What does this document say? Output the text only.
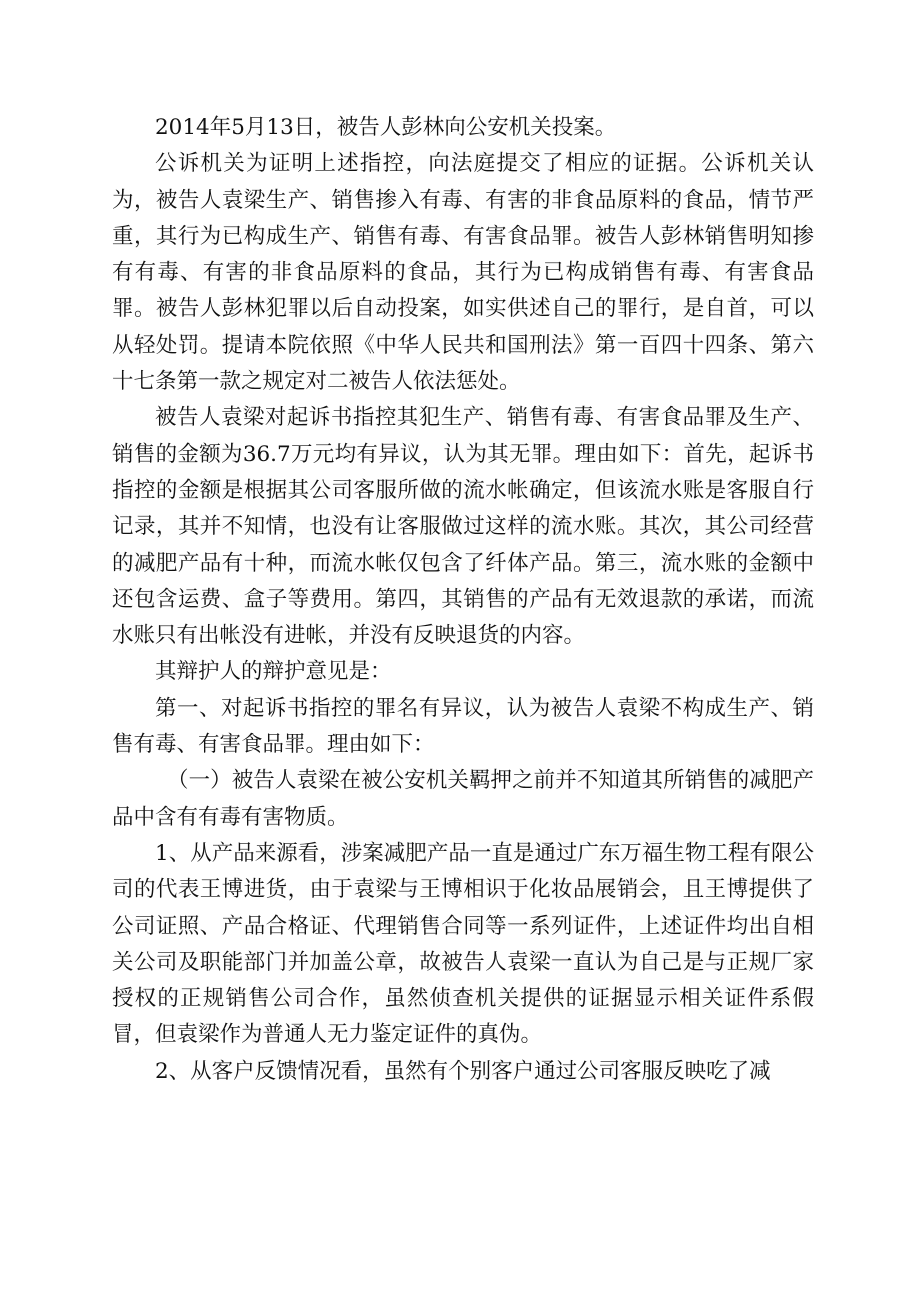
2014年5月13日，被告人彭林向公安机关投案。

公诉机关为证明上述指控，向法庭提交了相应的证据。公诉机关认为，被告人袁梁生产、销售掺入有毒、有害的非食品原料的食品，情节严重，其行为已构成生产、销售有毒、有害食品罪。被告人彭林销售明知掺有有毒、有害的非食品原料的食品，其行为已构成销售有毒、有害食品罪。被告人彭林犯罪以后自动投案，如实供述自己的罪行，是自首，可以从轻处罚。提请本院依照《中华人民共和国刑法》第一百四十四条、第六十七条第一款之规定对二被告人依法惩处。

被告人袁梁对起诉书指控其犯生产、销售有毒、有害食品罪及生产、销售的金额为36.7万元均有异议，认为其无罪。理由如下：首先，起诉书指控的金额是根据其公司客服所做的流水帐确定，但该流水账是客服自行记录，其并不知情，也没有让客服做过这样的流水账。其次，其公司经营的减肥产品有十种，而流水帐仅包含了纤体产品。第三，流水账的金额中还包含运费、盒子等费用。第四，其销售的产品有无效退款的承诺，而流水账只有出帐没有进帐，并没有反映退货的内容。

其辩护人的辩护意见是：

第一、对起诉书指控的罪名有异议，认为被告人袁梁不构成生产、销售有毒、有害食品罪。理由如下：

（一）被告人袁梁在被公安机关羁押之前并不知道其所销售的减肥产品中含有有毒有害物质。

1、从产品来源看，涉案减肥产品一直是通过广东万福生物工程有限公司的代表王博进货，由于袁梁与王博相识于化妆品展销会，且王博提供了公司证照、产品合格证、代理销售合同等一系列证件，上述证件均出自相关公司及职能部门并加盖公章，故被告人袁梁一直认为自己是与正规厂家授权的正规销售公司合作，虽然侦查机关提供的证据显示相关证件系假冒，但袁梁作为普通人无力鉴定证件的真伪。

2、从客户反馈情况看，虽然有个别客户通过公司客服反映吃了减
